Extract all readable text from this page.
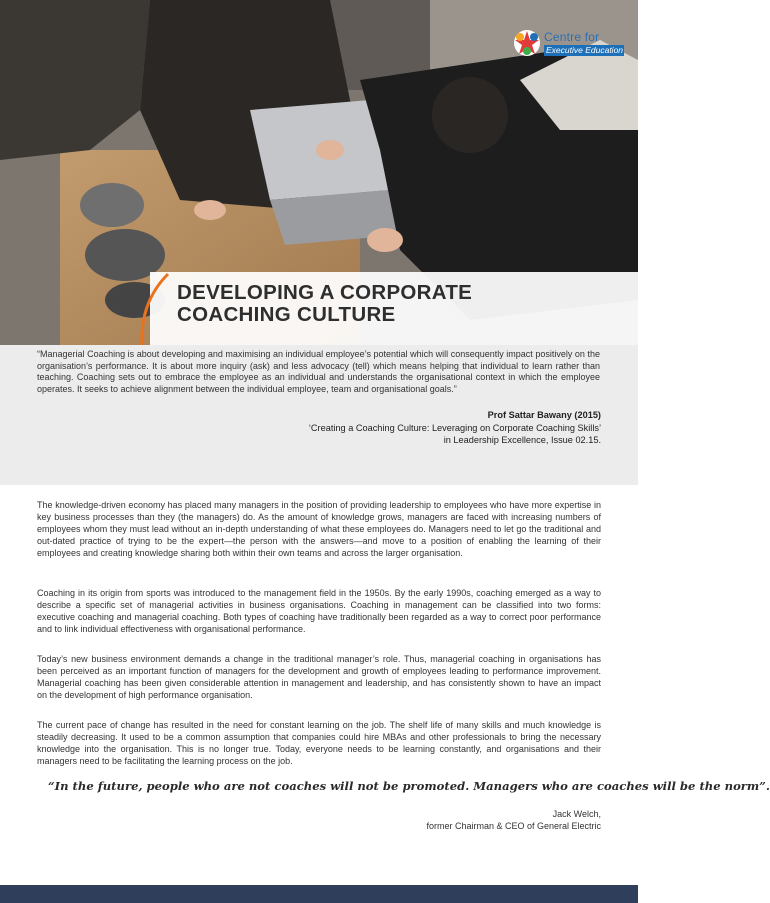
Centre for
Executive Education
DEVELOPING A CORPORATE
COACHING CULTURE

“Managerial Coaching is about developing and maximising an individual employee’s potential which will consequently impact positively on the organisation’s performance. It is about more inquiry (ask) and less advocacy (tell) which means helping that individual to learn rather than teaching. Coaching sets out to embrace the employee as an individual and understands the organisational context in which the employee operates. It seeks to achieve alignment between the individual employee, team and organisational goals.”

Prof Sattar Bawany (2015)
‘Creating a Coaching Culture: Leveraging on Corporate Coaching Skills’
in Leadership Excellence, Issue 02.15.

The knowledge-driven economy has placed many managers in the position of providing leadership to employees who have more expertise in key business processes than they (the managers) do. As the amount of knowledge grows, managers are faced with increasing numbers of employees whom they must lead without an in-depth understanding of what these employees do. Managers need to let go the traditional and out-dated practice of trying to be the expert—the person with the answers—and move to a position of enabling the learning of their employees and creating knowledge sharing both within their own teams and across the larger organisation.

Coaching in its origin from sports was introduced to the management field in the 1950s. By the early 1990s, coaching emerged as a way to describe a specific set of managerial activities in business organisations. Coaching in management can be classified into two forms: executive coaching and managerial coaching. Both types of coaching have traditionally been regarded as a way to correct poor performance and to link individual effectiveness with organisational performance.

Today’s new business environment demands a change in the traditional manager’s role. Thus, managerial coaching in organisations has been perceived as an important function of managers for the development and growth of employees leading to performance improvement. Managerial coaching has been given considerable attention in management and leadership, and has consistently shown to have an impact on the development of high performance organisation.

The current pace of change has resulted in the need for constant learning on the job. The shelf life of many skills and much knowledge is steadily decreasing. It used to be a common assumption that companies could hire MBAs and other professionals to bring the necessary knowledge into the organisation. This is no longer true. Today, everyone needs to be learning constantly, and organisations and their managers need to be facilitating the learning process on the job.

“In the future, people who are not coaches will not be promoted. Managers who are coaches will be the norm”.
Jack Welch,
former Chairman & CEO of General Electric
